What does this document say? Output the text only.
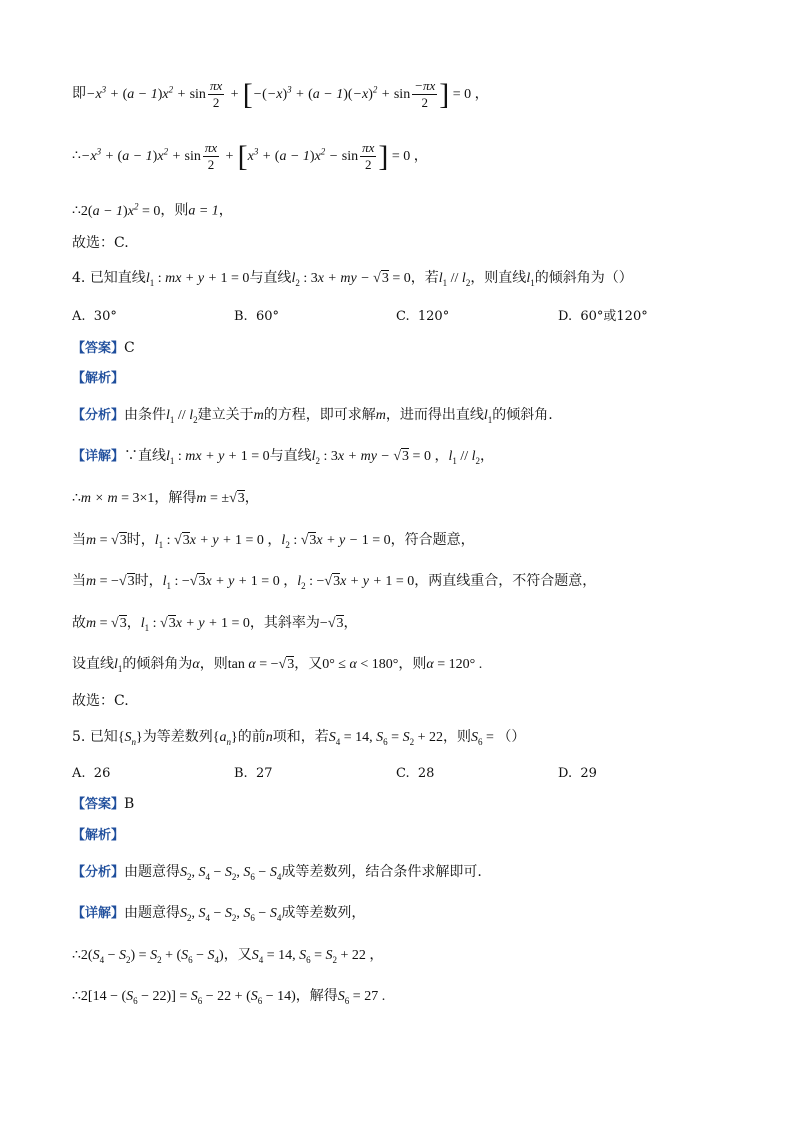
即$-x^3 + (a - 1)x^2 + \sin \frac{\pi x}{2} + [-(-x)^3 + (a - 1)(-x)^2 + \sin \frac{-\pi x}{2}$ ] = 0 ，
$\therefore-x^3 + (a - 1)x^2 + \sin \frac{\pi x}{2} + [x^3 + (a - 1)x^2 - \sin \frac{\pi x}{2}$ ] = 0 ，
∴2(a − $1)x^2 = 0$，则a = 1，
故选：C.
4. 已知直线$l_1$ : mx + y + 1 = 0与直线$l_2$ : 3x + my − √3 = 0，若$l_1 // l_2$，则直线$l_1$的倾斜角为（）
A. 30°	B. 60°	C. 120°	D. 60°或120°
【答案】C
【解析】
【分析】由条件$l_1 // l_2$建立关于m的方程，即可求解m，进而得出直线$l_1$的倾斜角.
【详解】∵直线$l_1$ : mx + y + 1 = 0与直线$l_2$ : 3x + my − √3 = 0 ，$l_1 // l_2$，
∴m × m = 3×1，解得m = ±√3，
当m = √3时，$l_1$ : √3x + y + 1 = 0 ，$l_2$ : √3x + y − 1 = 0，符合题意，
当m = −√3时，$l_1$ : −√3x + y + 1 = 0 ，$l_2$ : −√3x + y + 1 = 0，两直线重合，不符合题意，
故m = √3，$l_1$ : √3x + y + 1 = 0，其斜率为−√3，
设直线$l_1$的倾斜角为α，则tan α = −√3，又0° ≤ α < 180°，则α = 120° .
故选：C.
5. 已知$\{S_n\}$为等差数列$\{a_n\}$的前n项和，若$S_4 = 14$, $S_6 = S_2 + 22$，则$S_6$ = （）
A. 26	B. 27	C. 28	D. 29
【答案】B
【解析】
【分析】由题意得$S_2$, $S_4 - S_2$, $S_6 - S_4$成等差数列，结合条件求解即可.
【详解】由题意得$S_2$, $S_4 - S_2$, $S_6 - S_4$成等差数列，
$\therefore 2(S_4 - S_2) = S_2 + (S_6 - S_4)$，又$S_4 = 14$, $S_6 = S_2 + 22$ ，
∴2[14 − $(S_6 - 22)] = S_6 - 22 + (S_6 - 14)$，解得$S_6 = 27$ .
